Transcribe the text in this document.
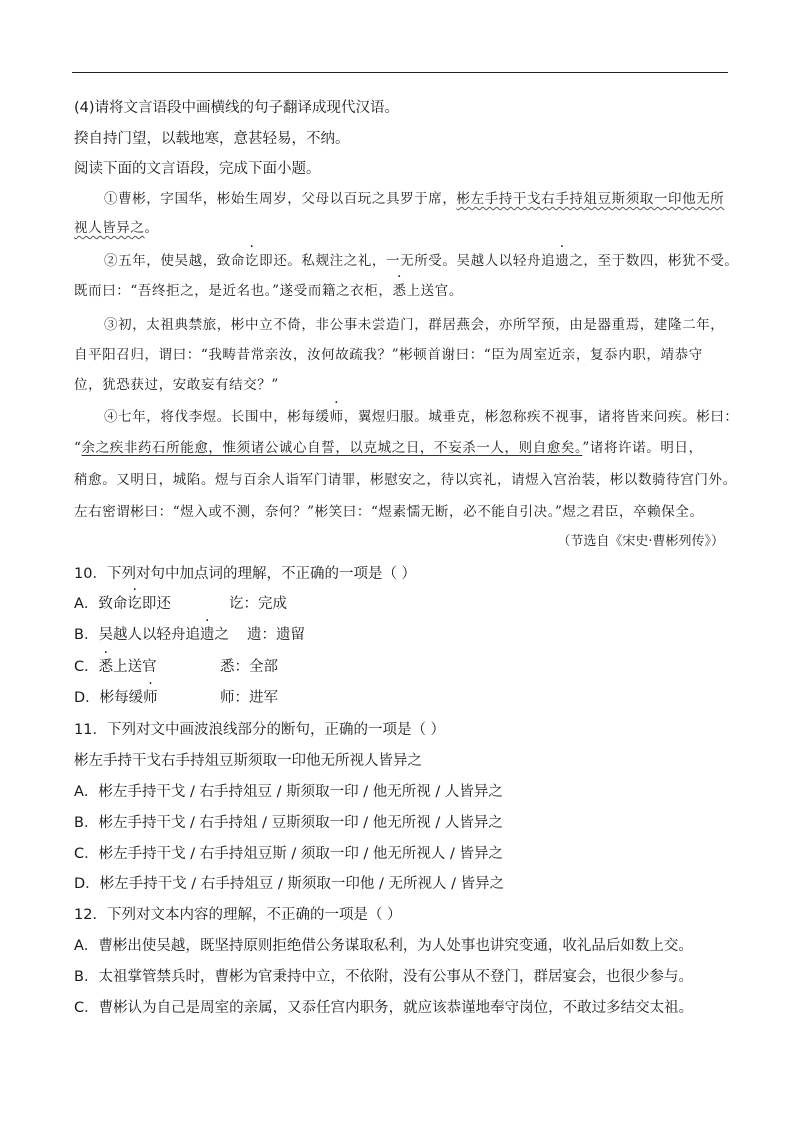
(4)请将文言语段中画横线的句子翻译成现代汉语。
揆自持门望，以载地寒，意甚轻易，不纳。
阅读下面的文言语段，完成下面小题。
①曹彬，字国华，彬始生周岁，父母以百玩之具罗于席，彬左手持干戈右手持俎豆斯须取一印他无所
视人皆异之。
②五年，使吴越，致命讫即还。私觌注之礼，一无所受。吴越人以轻舟追遗之，至于数四，彬犹不受。
既而曰：“吾终拒之，是近名也。”遂受而籍之衣柜，悉上送官。
③初，太祖典禁旅，彬中立不倚，非公事未尝造门，群居燕会，亦所罕预，由是器重焉，建隆二年，
自平阳召归，谓曰：“我畴昔常亲汝，汝何故疏我？”彬顿首谢曰：“臣为周室近亲，复忝内职，靖恭守
位，犹恐获过，安敢妄有结交？”
④七年，将伐李煜。长围中，彬每缓师，翼煜归服。城垂克，彬忽称疾不视事，诸将皆来问疾。彬曰：
“余之疾非药石所能愈，惟须诸公诚心自誓，以克城之日，不妄杀一人，则自愈矣。”诸将许诺。明日，
稍愈。又明日，城陷。煜与百余人诣军门请罪，彬慰安之，待以宾礼，请煜入宫治装，彬以数骑待宫门外。
左右密谓彬曰：“煜入或不测，奈何？”彬笑曰：“煜素懦无断，必不能自引决。”煜之君臣，卒赖保全。
（节选自《宋史·曹彬列传》）
10．下列对句中加点词的理解，不正确的一项是（ ）
A．致命讫即还	讫：完成
B．吴越人以轻舟追遗之 遗：遗留
C．悉上送官	悉：全部
D．彬每缓师	师：进军
11．下列对文中画波浪线部分的断句，正确的一项是（ ）
彬左手持干戈右手持俎豆斯须取一印他无所视人皆异之
A．彬左手持干戈 / 右手持俎豆 / 斯须取一印 / 他无所视 / 人皆异之
B．彬左手持干戈 / 右手持俎 / 豆斯须取一印 / 他无所视 / 人皆异之
C．彬左手持干戈 / 右手持俎豆斯 / 须取一印 / 他无所视人 / 皆异之
D．彬左手持干戈 / 右手持俎豆 / 斯须取一印他 / 无所视人 / 皆异之
12．下列对文本内容的理解，不正确的一项是（ ）
A．曹彬出使吴越，既坚持原则拒绝借公务谋取私利，为人处事也讲究变通，收礼品后如数上交。
B．太祖掌管禁兵时，曹彬为官秉持中立，不依附，没有公事从不登门，群居宴会，也很少参与。
C．曹彬认为自己是周室的亲属，又忝任宫内职务，就应该恭谨地奉守岗位，不敢过多结交太祖。
